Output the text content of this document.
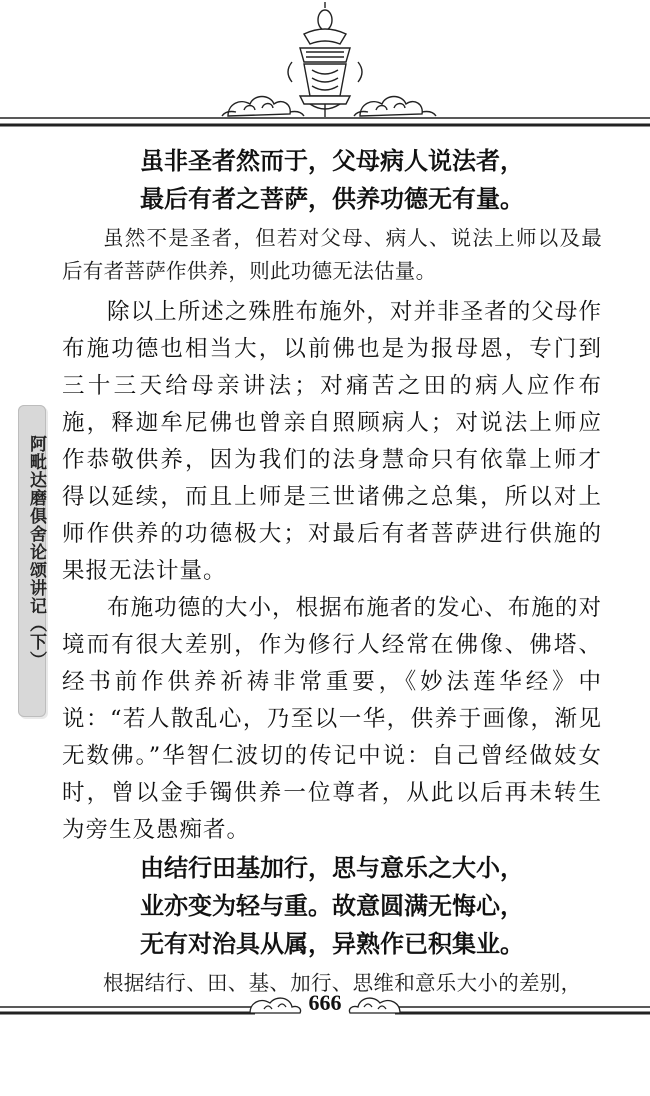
阿毗达磨俱舍论颂讲记（下）
虽非圣者然而于，父母病人说法者，
最后有者之菩萨，供养功德无有量。

虽然不是圣者，但若对父母、病人、说法上师以及最后有者菩萨作供养，则此功德无法估量。

除以上所述之殊胜布施外，对并非圣者的父母作布施功德也相当大，以前佛也是为报母恩，专门到三十三天给母亲讲法；对痛苦之田的病人应作布施，释迦牟尼佛也曾亲自照顾病人；对说法上师应作恭敬供养，因为我们的法身慧命只有依靠上师才得以延续，而且上师是三世诸佛之总集，所以对上师作供养的功德极大；对最后有者菩萨进行供施的果报无法计量。

布施功德的大小，根据布施者的发心、布施的对境而有很大差别，作为修行人经常在佛像、佛塔、经书前作供养祈祷非常重要，《妙法莲华经》中说：“若人散乱心，乃至以一华，供养于画像，渐见无数佛。”华智仁波切的传记中说：自己曾经做妓女时，曾以金手镯供养一位尊者，从此以后再未转生为旁生及愚痴者。

由结行田基加行，思与意乐之大小，
业亦变为轻与重。故意圆满无悔心，
无有对治具从属，异熟作已积集业。

根据结行、田、基、加行、思维和意乐大小的差别，

666
